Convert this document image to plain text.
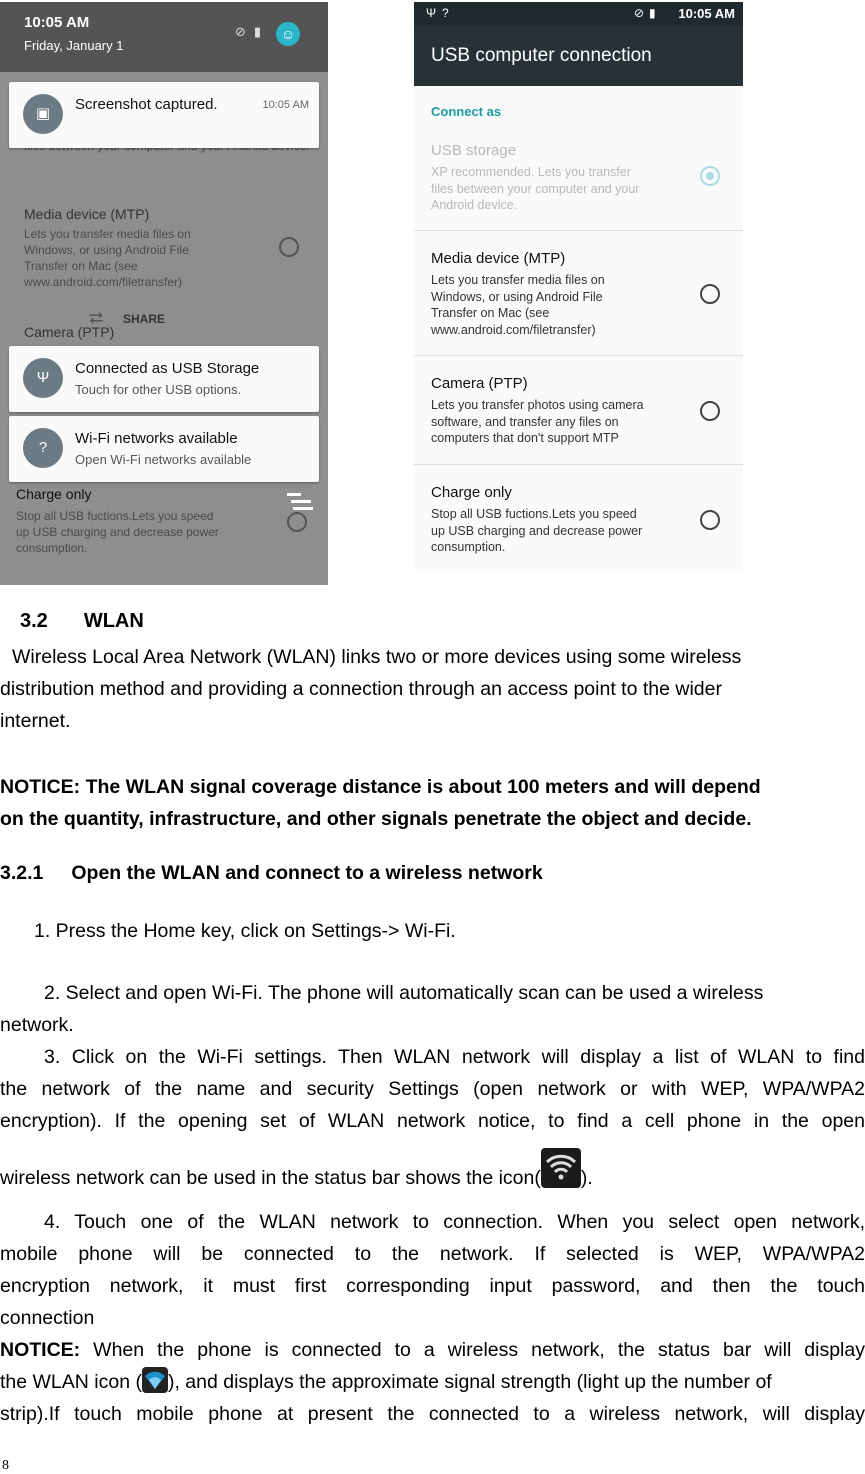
10:05 AM
Friday, January 1
⊘▮ ☺
Media device (MTP)
Lets you transfer media files on
Windows, or using Android File
Transfer on Mac (see
www.android.com/filetransfer)
Camera (PTP)
Charge only
Stop all USB fuctions.Lets you speed
up USB charging and decrease power
consumption.
▣
Screenshot captured.	10:05 AM
⮂ SHARE
Ψ
Connected as USB Storage
Touch for other USB options.
?
Wi-Fi networks available
Open Wi-Fi networks available
Ψ?	⊘▮ 10:05 AM
USB computer connection
Connect as
USB storage
XP recommended. Lets you transfer
files between your computer and your
Android device.
Media device (MTP)
Lets you transfer media files on
Windows, or using Android File
Transfer on Mac (see
www.android.com/filetransfer)
Camera (PTP)
Lets you transfer photos using camera
software, and transfer any files on
computers that don't support MTP
Charge only
Stop all USB fuctions.Lets you speed
up USB charging and decrease power
consumption.
3.2 WLAN
Wireless Local Area Network (WLAN) links two or more devices using some wireless
distribution method and providing a connection through an access point to the wider
internet.
NOTICE: The WLAN signal coverage distance is about 100 meters and will depend
on the quantity, infrastructure, and other signals penetrate the object and decide.
3.2.1 Open the WLAN and connect to a wireless network
1. Press the Home key, click on Settings-> Wi-Fi.
2. Select and open Wi-Fi. The phone will automatically scan can be used a wireless
network.
3. Click on the Wi-Fi settings. Then WLAN network will display a list of WLAN to find
the network of the name and security Settings (open network or with WEP, WPA/WPA2
encryption). If the opening set of WLAN network notice, to find a cell phone in the open
wireless network can be used in the status bar shows the icon( ).
4. Touch one of the WLAN network to connection. When you select open network,
mobile phone will be connected to the network. If selected is WEP, WPA/WPA2
encryption network, it must first corresponding input password, and then the touch
connection
NOTICE: When the phone is connected to a wireless network, the status bar will display
the WLAN icon ( ), and displays the approximate signal strength (light up the number of
strip).If touch mobile phone at present the connected to a wireless network, will display
8
